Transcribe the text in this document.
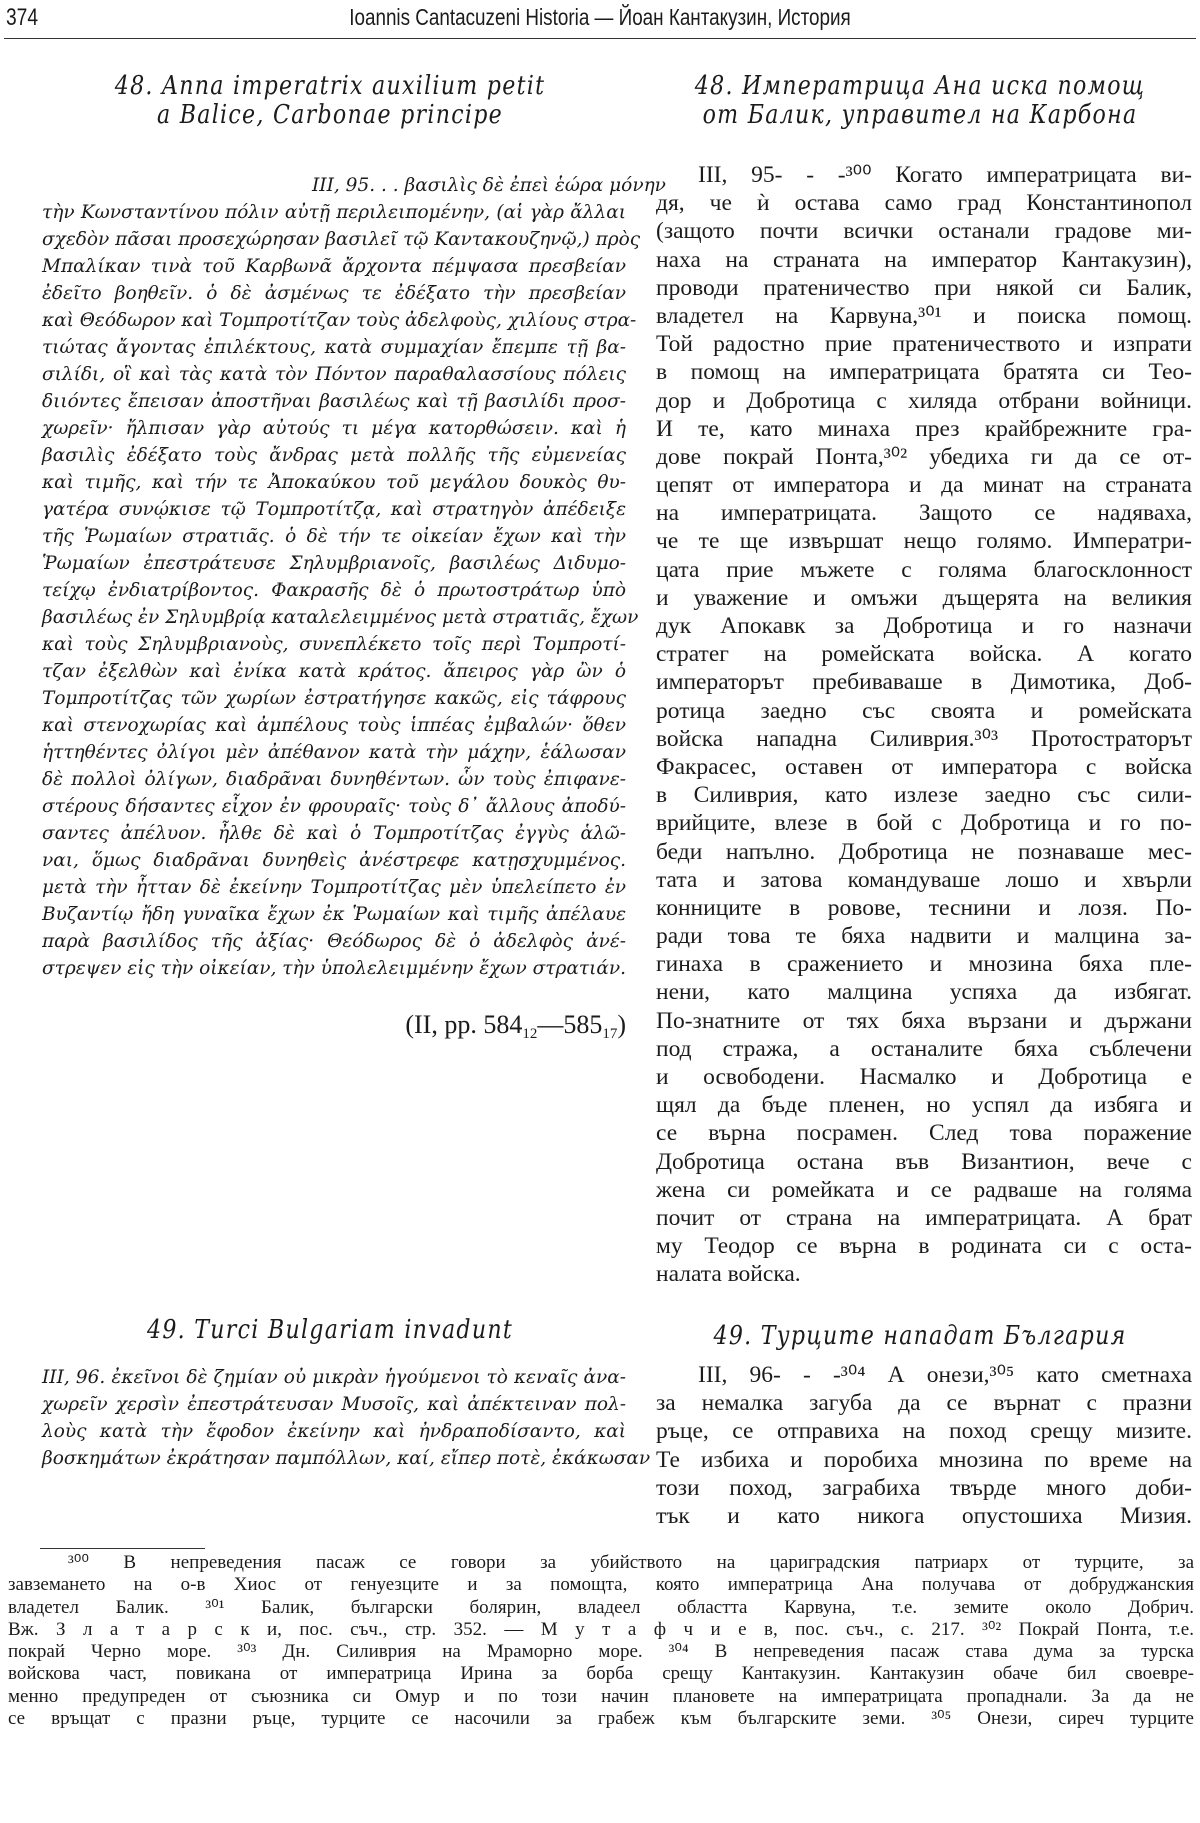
374	Ioannis Cantacuzeni Historia — Йоан Кантакузин, История
48. Anna imperatrix auxilium petit
a Balice, Carbonae principe
48. Императрица Ана иска помощ
от Балик, управител на Карбона
III, 95. . . βασιλὶς δὲ ἐπεὶ ἑώρα μόνην
τὴν Κωνσταντίνου πόλιν αὐτῇ περιλειπομένην, (αἱ γὰρ ἄλλαι
σχεδὸν πᾶσαι προσεχώρησαν βασιλεῖ τῷ Καντακουζηνῷ,) πρὸς
Μπαλίκαν τινὰ τοῦ Καρβωνᾶ ἄρχοντα πέμψασα πρεσβείαν
ἐδεῖτο βοηθεῖν. ὁ δὲ ἀσμένως τε ἐδέξατο τὴν πρεσβείαν
καὶ Θεόδωρον καὶ Τομπροτίτζαν τοὺς ἀδελφοὺς, χιλίους στρα-
τιώτας ἄγοντας ἐπιλέκτους, κατὰ συμμαχίαν ἔπεμπε τῇ βα-
σιλίδι, οἳ καὶ τὰς κατὰ τὸν Πόντον παραθαλασσίους πόλεις
διιόντες ἔπεισαν ἀποστῆναι βασιλέως καὶ τῇ βασιλίδι προσ-
χωρεῖν· ἤλπισαν γὰρ αὐτούς τι μέγα κατορθώσειν. καὶ ἡ
βασιλὶς ἐδέξατο τοὺς ἄνδρας μετὰ πολλῆς τῆς εὐμενείας
καὶ τιμῆς, καὶ τήν τε Ἀποκαύκου τοῦ μεγάλου δουκὸς θυ-
γατέρα συνῴκισε τῷ Τομπροτίτζᾳ, καὶ στρατηγὸν ἀπέδειξε
τῆς Ῥωμαίων στρατιᾶς. ὁ δὲ τήν τε οἰκείαν ἔχων καὶ τὴν
Ῥωμαίων ἐπεστράτευσε Σηλυμβριανοῖς, βασιλέως Διδυμο-
τείχῳ ἐνδιατρίβοντος. Φακρασῆς δὲ ὁ πρωτοστράτωρ ὑπὸ
βασιλέως ἐν Σηλυμβρίᾳ καταλελειμμένος μετὰ στρατιᾶς, ἔχων
καὶ τοὺς Σηλυμβριανοὺς, συνεπλέκετο τοῖς περὶ Τομπροτί-
τζαν ἐξελθὼν καὶ ἐνίκα κατὰ κράτος. ἄπειρος γὰρ ὢν ὁ
Τομπροτίτζας τῶν χωρίων ἐστρατήγησε κακῶς, εἰς τάφρους
καὶ στενοχωρίας καὶ ἀμπέλους τοὺς ἱππέας ἐμβαλών· ὅθεν
ἡττηθέντες ὀλίγοι μὲν ἀπέθανον κατὰ τὴν μάχην, ἑάλωσαν
δὲ πολλοὶ ὀλίγων, διαδρᾶναι δυνηθέντων. ὧν τοὺς ἐπιφανε-
στέρους δήσαντες εἶχον ἐν φρουραῖς· τοὺς δ᾽ ἄλλους ἀποδύ-
σαντες ἀπέλυον. ἦλθε δὲ καὶ ὁ Τομπροτίτζας ἐγγὺς ἁλῶ-
ναι, ὅμως διαδρᾶναι δυνηθεὶς ἀνέστρεφε κατῃσχυμμένος.
μετὰ τὴν ἧτταν δὲ ἐκείνην Τομπροτίτζας μὲν ὑπελείπετο ἐν
Βυζαντίῳ ἤδη γυναῖκα ἔχων ἐκ Ῥωμαίων καὶ τιμῆς ἀπέλαυε
παρὰ βασιλίδος τῆς ἀξίας· Θεόδωρος δὲ ὁ ἀδελφὸς ἀνέ-
στρεψεν εἰς τὴν οἰκείαν, τὴν ὑπολελειμμένην ἔχων στρατιάν.
(II, pp. $584_{12}—585_{17}$)
III, 95- - -³⁰⁰ Когато императрицата ви-
дя, че ѝ остава само град Константинопол
(защото почти всички останали градове ми-
наха на страната на император Кантакузин),
проводи пратеничество при някой си Балик,
владетел на Карвуна,³⁰¹ и поиска помощ.
Той радостно прие пратеничеството и изпрати
в помощ на императрицата братята си Тео-
дор и Добротица с хиляда отбрани войници.
И те, като минаха през крайбрежните гра-
дове покрай Понта,³⁰² убедиха ги да се от-
цепят от императора и да минат на страната
на императрицата. Защото се надяваха,
че те ще извършат нещо голямо. Императри-
цата прие мъжете с голяма благосклонност
и уважение и омъжи дъщерята на великия
дук Апокавк за Добротица и го назначи
стратег на ромейската войска. А когато
императорът пребиваваше в Димотика, Доб-
ротица заедно със своята и ромейската
войска нападна Силиврия.³⁰³ Протостраторът
Факрасес, оставен от императора с войска
в Силиврия, като излезе заедно със сили-
врийците, влезе в бой с Добротица и го по-
беди напълно. Добротица не познаваше мес-
тата и затова командуваше лошо и хвърли
конниците в ровове, теснини и лозя. По-
ради това те бяха надвити и малцина за-
гинаха в сражението и мнозина бяха пле-
нени, като малцина успяха да избягат.
По-знатните от тях бяха вързани и държани
под стража, а останалите бяха съблечени
и освободени. Насмалко и Добротица е
щял да бъде пленен, но успял да избяга и
се върна посрамен. След това поражение
Добротица остана във Византион, вече с
жена си ромейката и се радваше на голяма
почит от страна на императрицата. А брат
му Теодор се върна в родината си с оста-
налата войска.
49. Turci Bulgariam invadunt	49. Турците нападат България
III, 96. ἐκεῖνοι δὲ ζημίαν οὐ μικρὰν ἡγούμενοι τὸ κεναῖς ἀνα-
χωρεῖν χερσὶν ἐπεστράτευσαν Μυσοῖς, καὶ ἀπέκτειναν πολ-
λοὺς κατὰ τὴν ἔφοδον ἐκείνην καὶ ἠνδραποδίσαντο, καὶ
βοσκημάτων ἐκράτησαν παμπόλλων, καί, εἴπερ ποτὲ, ἐκάκωσαν
III, 96- - -³⁰⁴ А онези,³⁰⁵ като сметнаха
за немалка загуба да се върнат с празни
ръце, се отправиха на поход срещу мизите.
Те избиха и поробиха мнозина по време на
този поход, заграбиха твърде много доби-
тък и като никога опустошиха Мизия.
³⁰⁰ В непреведения пасаж се говори за убийството на цариградския патриарх от турците, за
завземането на о-в Хиос от генуезците и за помощта, която императрица Ана получава от добруджанския
владетел Балик. ³⁰¹ Балик, български болярин, владеел областта Карвуна, т.е. земите около Добрич.
Вж. З л а т а р с к и, пос. съч., стр. 352. — М у т а ф ч и е в, пос. съч., с. 217. ³⁰² Покрай Понта, т.е.
покрай Черно море. ³⁰³ Дн. Силиврия на Мраморно море. ³⁰⁴ В непреведения пасаж става дума за турска
войскова част, повикана от императрица Ирина за борба срещу Кантакузин. Кантакузин обаче бил своевре-
менно предупреден от съюзника си Омур и по този начин плановете на императрицата пропаднали. За да не
се връщат с празни ръце, турците се насочили за грабеж към българските земи. ³⁰⁵ Онези, сиреч турците
